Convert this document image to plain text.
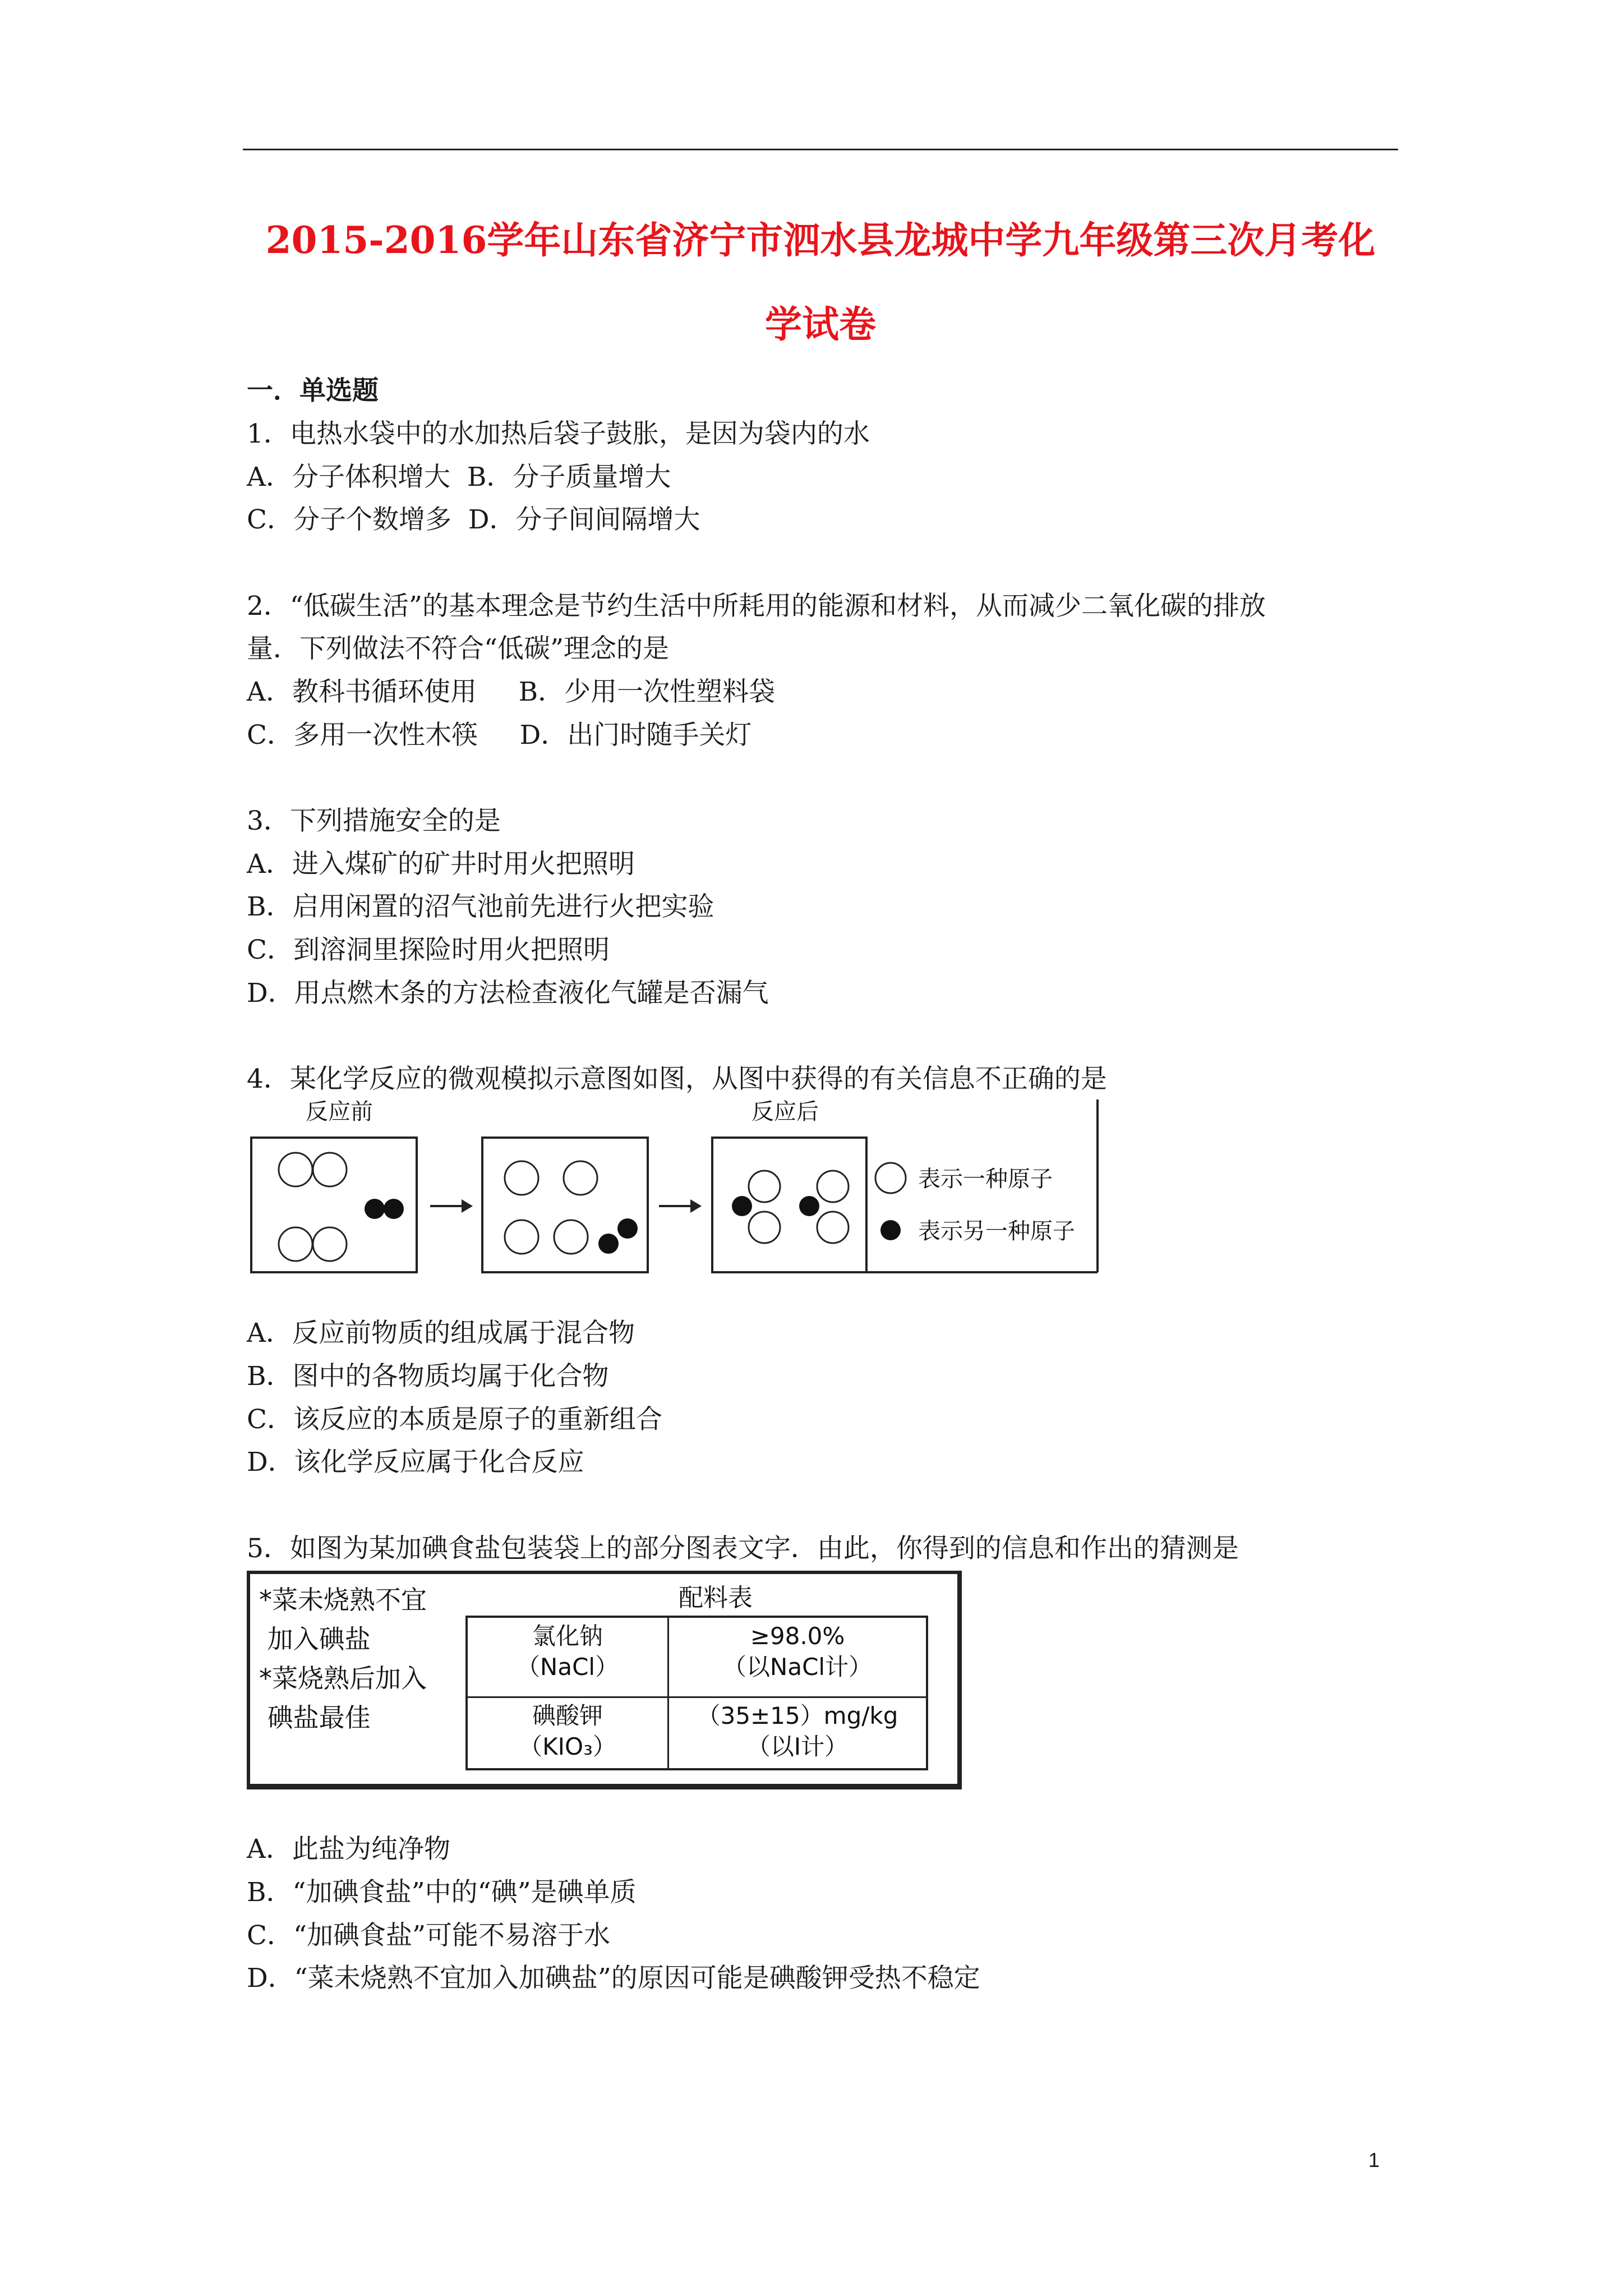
2015-2016学年山东省济宁市泗水县龙城中学九年级第三次月考化
学试卷
一．单选题
1．电热水袋中的水加热后袋子鼓胀，是因为袋内的水
A．分子体积增大  B．分子质量增大
C．分子个数增多  D．分子间间隔增大
2．“低碳生活”的基本理念是节约生活中所耗用的能源和材料，从而减少二氧化碳的排放
量．下列做法不符合“低碳”理念的是
A．教科书循环使用     B．少用一次性塑料袋
C．多用一次性木筷     D．出门时随手关灯
3．下列措施安全的是
A．进入煤矿的矿井时用火把照明
B．启用闲置的沼气池前先进行火把实验
C．到溶洞里探险时用火把照明
D．用点燃木条的方法检查液化气罐是否漏气
4．某化学反应的微观模拟示意图如图，从图中获得的有关信息不正确的是
反应前	反应后
表示一种原子
表示另一种原子
A．反应前物质的组成属于混合物
B．图中的各物质均属于化合物
C．该反应的本质是原子的重新组合
D．该化学反应属于化合反应
5．如图为某加碘食盐包装袋上的部分图表文字．由此，你得到的信息和作出的猜测是
*菜未烧熟不宜
加入碘盐
*菜烧熟后加入
碘盐最佳
配料表
氯化钠
（NaCl）
≥98.0%
（以NaCl计）
碘酸钾
（KIO₃）
（35±15）mg/kg
（以I计）
A．此盐为纯净物
B．“加碘食盐”中的“碘”是碘单质
C．“加碘食盐”可能不易溶于水
D．“菜未烧熟不宜加入加碘盐”的原因可能是碘酸钾受热不稳定
1
